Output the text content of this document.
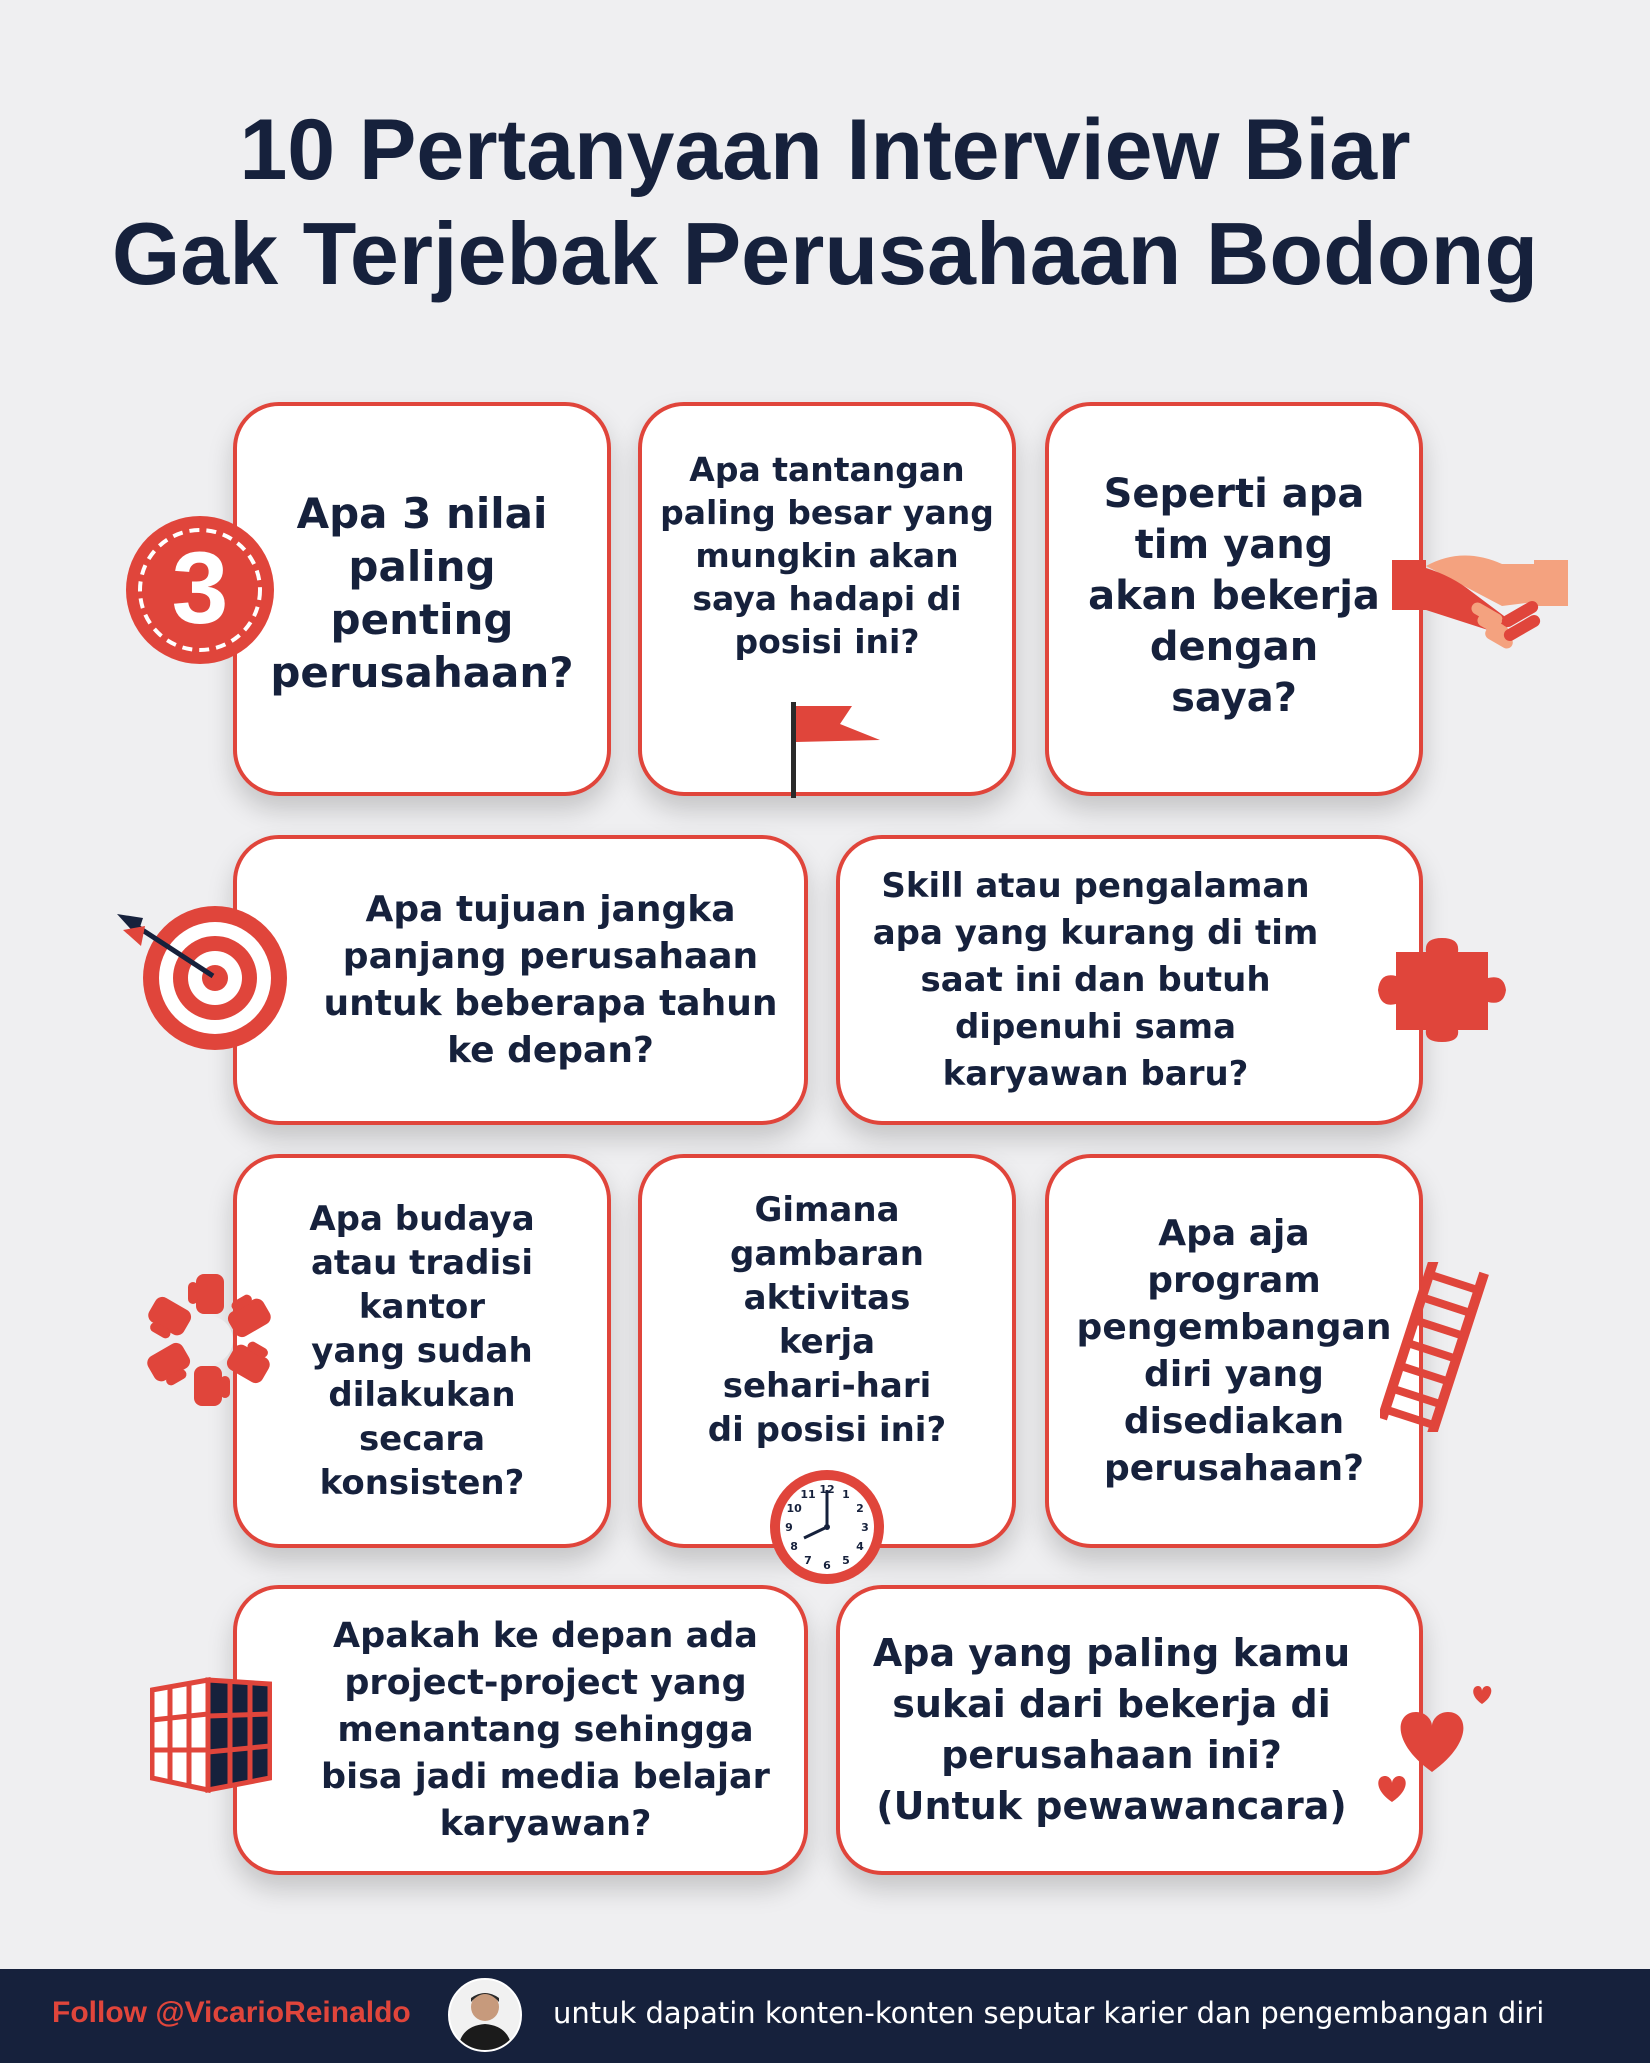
10 Pertanyaan Interview Biar
Gak Terjebak Perusahaan Bodong
Apa 3 nilai
paling
penting
perusahaan?
Apa tantangan
paling besar yang
mungkin akan
saya hadapi di
posisi ini?
Seperti apa
tim yang
akan bekerja
dengan
saya?
Apa tujuan jangka
panjang perusahaan
untuk beberapa tahun
ke depan?
Skill atau pengalaman
apa yang kurang di tim
saat ini dan butuh
dipenuhi sama
karyawan baru?
Apa budaya
atau tradisi
kantor
yang sudah
dilakukan
secara
konsisten?
Gimana
gambaran
aktivitas
kerja
sehari-hari
di posisi ini?
Apa aja
program
pengembangan
diri yang
disediakan
perusahaan?
Apakah ke depan ada
project-project yang
menantang sehingga
bisa jadi media belajar
karyawan?
Apa yang paling kamu
sukai dari bekerja di
perusahaan ini?
(Untuk pewawancara)
3
12 1
2
3
4
5
6
7
8
9
10
11
Follow @VicarioReinaldo	untuk dapatin konten-konten seputar karier dan pengembangan diri
